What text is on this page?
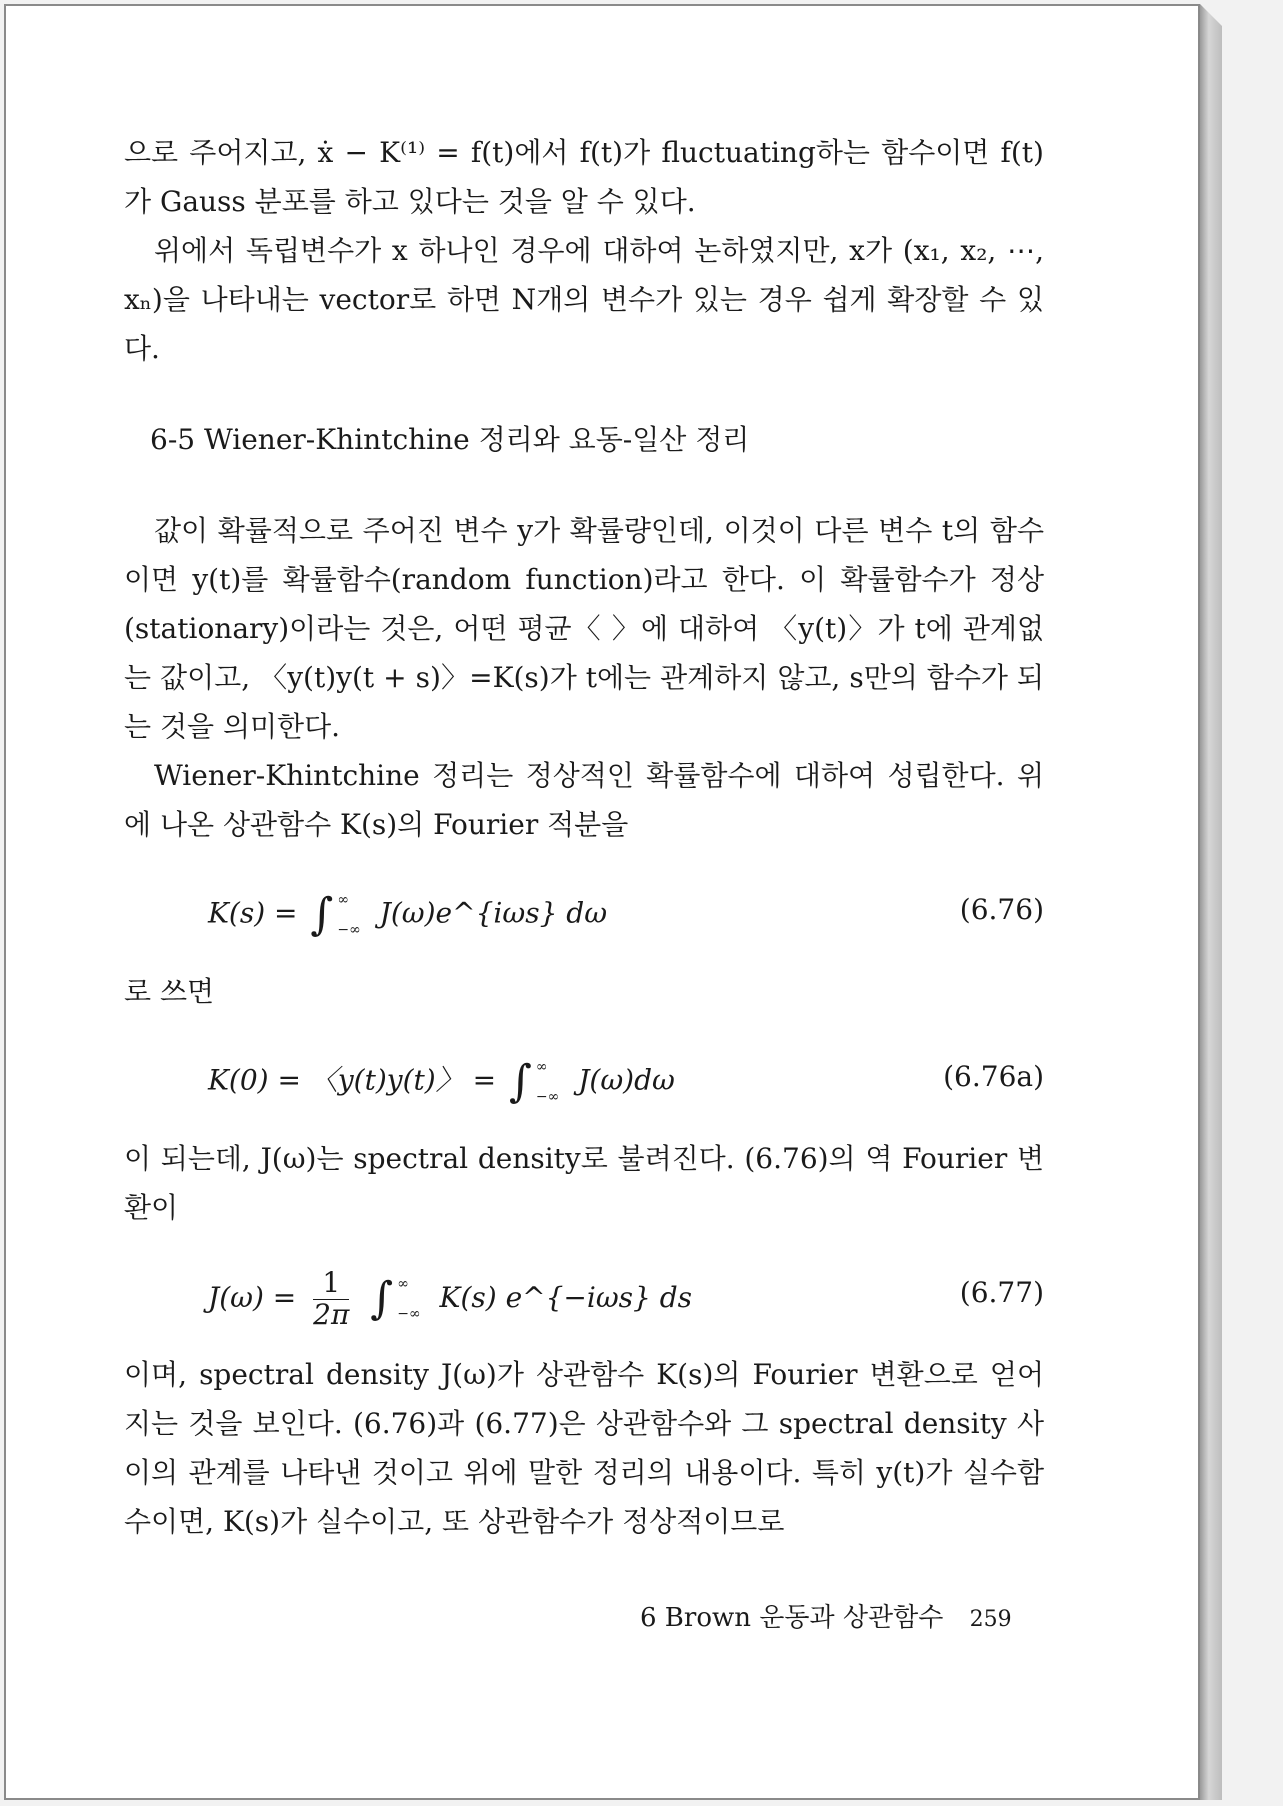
으로 주어지고, ẋ − K⁽¹⁾ = f(t)에서 f(t)가 fluctuating하는 함수이면 f(t)가 Gauss 분포를 하고 있다는 것을 알 수 있다.

위에서 독립변수가 x 하나인 경우에 대하여 논하였지만, x가 (x₁, x₂, ⋯, xₙ)을 나타내는 vector로 하면 N개의 변수가 있는 경우 쉽게 확장할 수 있다.

6-5 Wiener-Khintchine 정리와 요동-일산 정리

값이 확률적으로 주어진 변수 y가 확률량인데, 이것이 다른 변수 t의 함수이면 y(t)를 확률함수(random function)라고 한다. 이 확률함수가 정상(stationary)이라는 것은, 어떤 평균〈 〉에 대하여 〈y(t)〉가 t에 관계없는 값이고, 〈y(t)y(t + s)〉=K(s)가 t에는 관계하지 않고, s만의 함수가 되는 것을 의미한다.

Wiener-Khintchine 정리는 정상적인 확률함수에 대하여 성립한다. 위에 나온 상관함수 K(s)의 Fourier 적분을

K(s) = ∫ ∞
−∞
J(ω)e^{iωs} dω	(6.76)

로 쓰면

K(0) = 〈y(t)y(t)〉 = ∫ ∞
−∞
J(ω)dω	(6.76a)

이 되는데, J(ω)는 spectral density로 불려진다. (6.76)의 역 Fourier 변환이

$J(\omega) = \frac{1}{2\pi}$ ∫ ∞
−∞
K(s) e^{−iωs} ds	(6.77)

이며, spectral density J(ω)가 상관함수 K(s)의 Fourier 변환으로 얻어지는 것을 보인다. (6.76)과 (6.77)은 상관함수와 그 spectral density 사이의 관계를 나타낸 것이고 위에 말한 정리의 내용이다. 특히 y(t)가 실수함수이면, K(s)가 실수이고, 또 상관함수가 정상적이므로

6 Brown 운동과 상관함수 259
